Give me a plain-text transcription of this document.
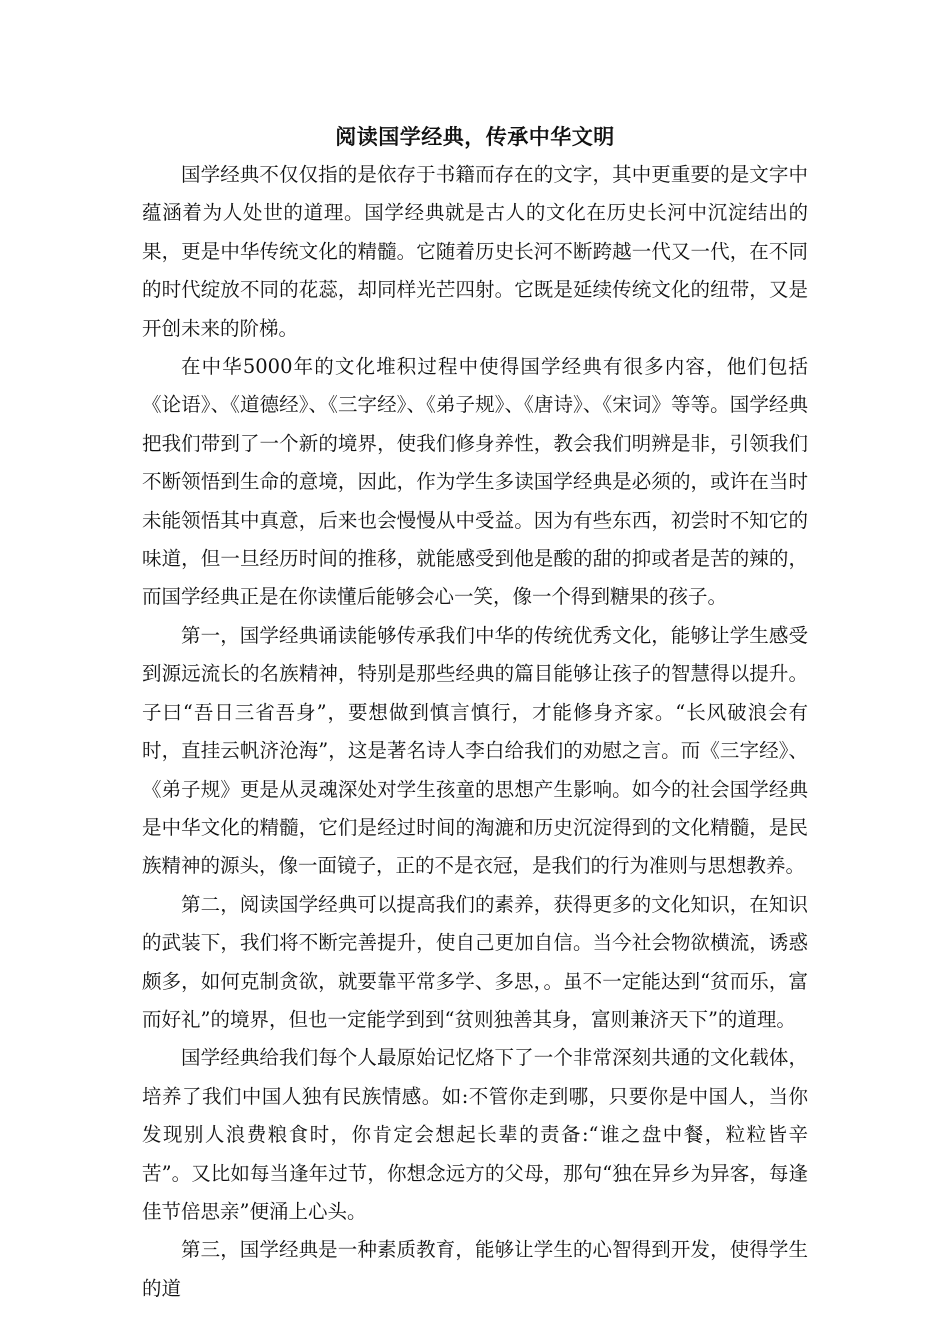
阅读国学经典，传承中华文明

国学经典不仅仅指的是依存于书籍而存在的文字，其中更重要的是文字中蕴涵着为人处世的道理。国学经典就是古人的文化在历史长河中沉淀结出的果，更是中华传统文化的精髓。它随着历史长河不断跨越一代又一代，在不同的时代绽放不同的花蕊，却同样光芒四射。它既是延续传统文化的纽带，又是开创未来的阶梯。

在中华5000年的文化堆积过程中使得国学经典有很多内容，他们包括《论语》、《道德经》、《三字经》、《弟子规》、《唐诗》、《宋词》等等。国学经典把我们带到了一个新的境界，使我们修身养性，教会我们明辨是非，引领我们不断领悟到生命的意境，因此，作为学生多读国学经典是必须的，或许在当时未能领悟其中真意，后来也会慢慢从中受益。因为有些东西，初尝时不知它的味道，但一旦经历时间的推移，就能感受到他是酸的甜的抑或者是苦的辣的，而国学经典正是在你读懂后能够会心一笑，像一个得到糖果的孩子。

第一，国学经典诵读能够传承我们中华的传统优秀文化，能够让学生感受到源远流长的名族精神，特别是那些经典的篇目能够让孩子的智慧得以提升。子曰“吾日三省吾身”，要想做到慎言慎行，才能修身齐家。“长风破浪会有时，直挂云帆济沧海”，这是著名诗人李白给我们的劝慰之言。而《三字经》、《弟子规》更是从灵魂深处对学生孩童的思想产生影响。如今的社会国学经典是中华文化的精髓，它们是经过时间的淘漉和历史沉淀得到的文化精髓，是民族精神的源头，像一面镜子，正的不是衣冠，是我们的行为准则与思想教养。

第二，阅读国学经典可以提高我们的素养，获得更多的文化知识，在知识的武装下，我们将不断完善提升，使自己更加自信。当今社会物欲横流，诱惑颇多，如何克制贪欲，就要靠平常多学、多思，。虽不一定能达到“贫而乐，富而好礼”的境界，但也一定能学到到“贫则独善其身，富则兼济天下”的道理。

国学经典给我们每个人最原始记忆烙下了一个非常深刻共通的文化载体，培养了我们中国人独有民族情感。如:不管你走到哪，只要你是中国人，当你发现别人浪费粮食时，你肯定会想起长辈的责备:“谁之盘中餐，粒粒皆辛苦”。又比如每当逢年过节，你想念远方的父母，那句“独在异乡为异客，每逢佳节倍思亲”便涌上心头。

第三，国学经典是一种素质教育，能够让学生的心智得到开发，使得学生的道
